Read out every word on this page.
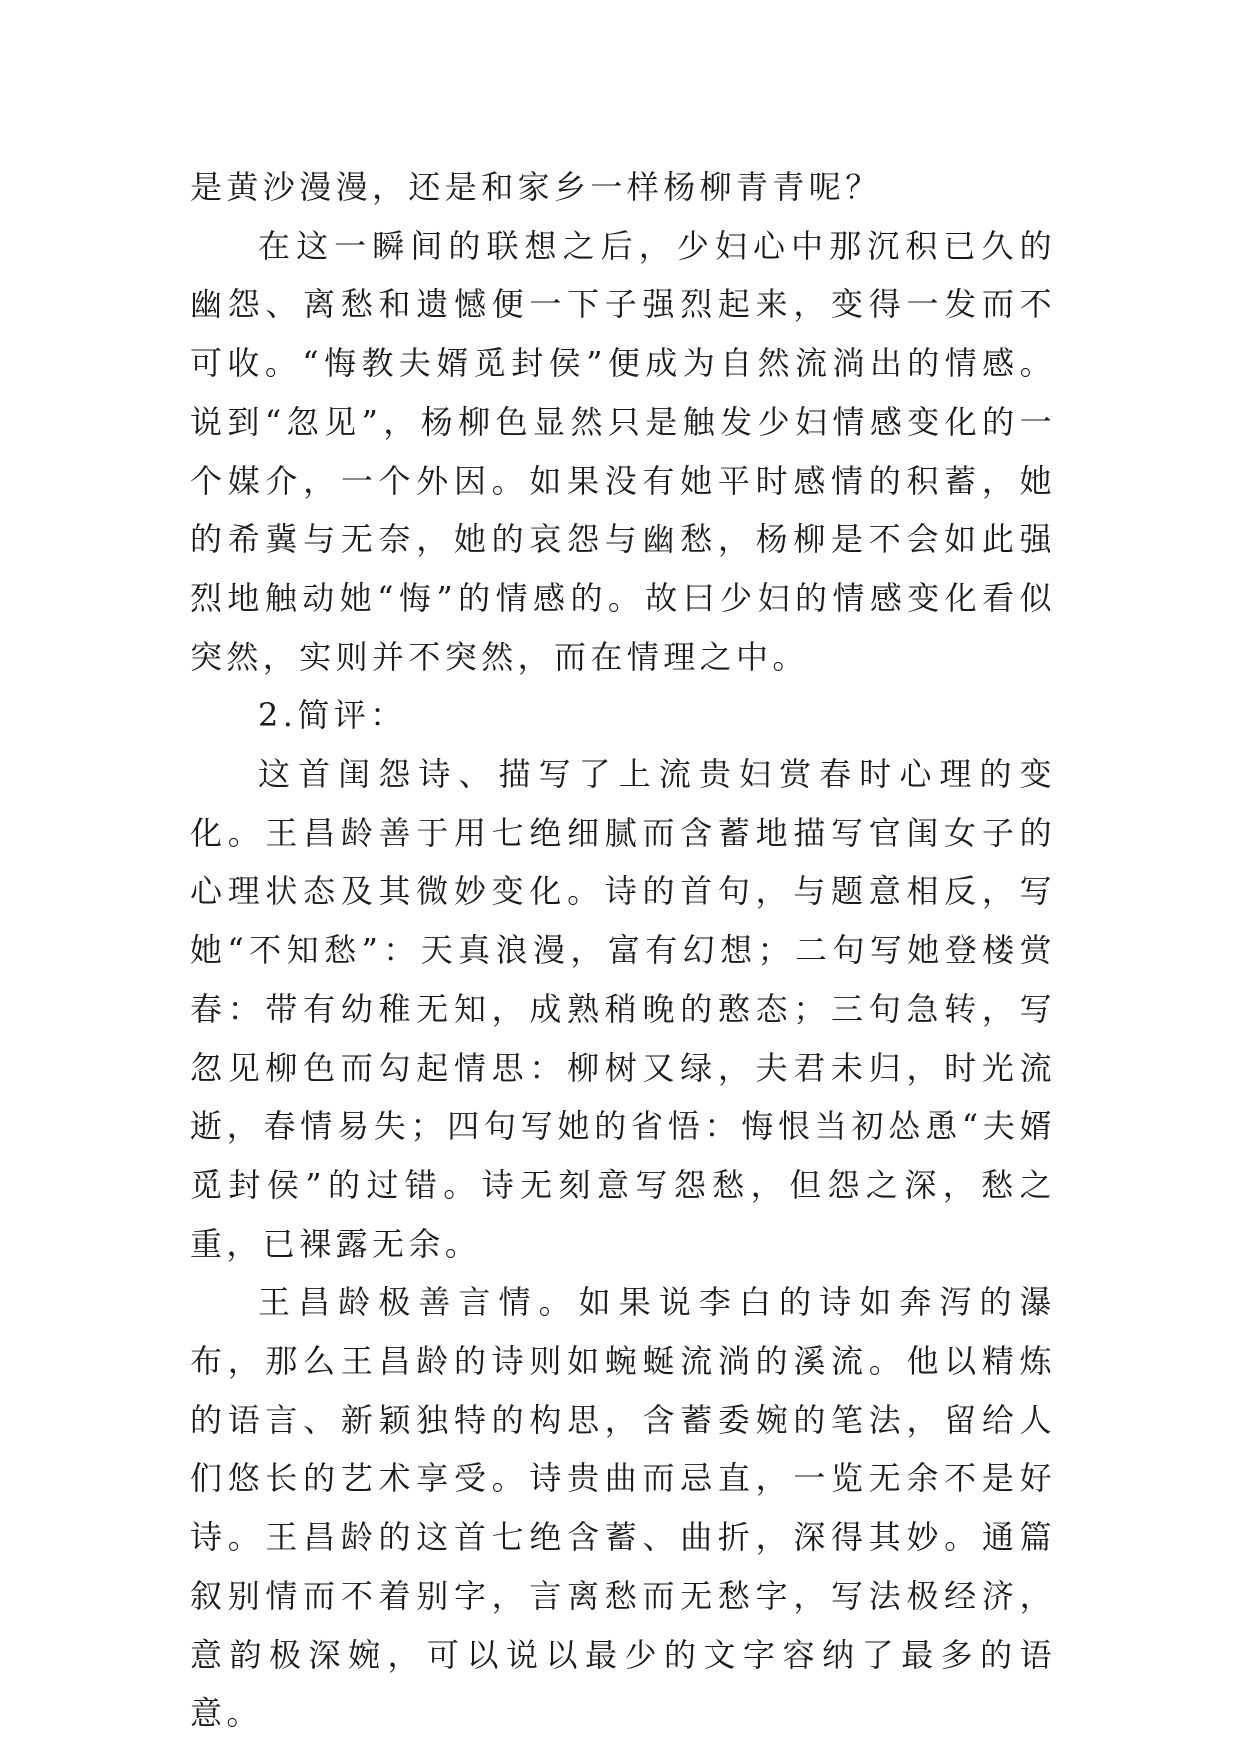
是黄沙漫漫，还是和家乡一样杨柳青青呢？

在这一瞬间的联想之后，少妇心中那沉积已久的幽怨、离愁和遗憾便一下子强烈起来，变得一发而不可收。“悔教夫婿觅封侯”便成为自然流淌出的情感。说到“忽见”，杨柳色显然只是触发少妇情感变化的一个媒介，一个外因。如果没有她平时感情的积蓄，她的希冀与无奈，她的哀怨与幽愁，杨柳是不会如此强烈地触动她“悔”的情感的。故曰少妇的情感变化看似突然，实则并不突然，而在情理之中。

2.简评：

这首闺怨诗、描写了上流贵妇赏春时心理的变化。王昌龄善于用七绝细腻而含蓄地描写官闺女子的心理状态及其微妙变化。诗的首句，与题意相反，写她“不知愁”：天真浪漫，富有幻想；二句写她登楼赏春：带有幼稚无知，成熟稍晚的憨态；三句急转，写忽见柳色而勾起情思：柳树又绿，夫君未归，时光流逝，春情易失；四句写她的省悟：悔恨当初怂恿“夫婿觅封侯”的过错。诗无刻意写怨愁，但怨之深，愁之重，已裸露无余。

王昌龄极善言情。如果说李白的诗如奔泻的瀑布，那么王昌龄的诗则如蜿蜒流淌的溪流。他以精炼的语言、新颖独特的构思，含蓄委婉的笔法，留给人们悠长的艺术享受。诗贵曲而忌直，一览无余不是好诗。王昌龄的这首七绝含蓄、曲折，深得其妙。通篇叙别情而不着别字，言离愁而无愁字，写法极经济，意韵极深婉，可以说以最少的文字容纳了最多的语意。
